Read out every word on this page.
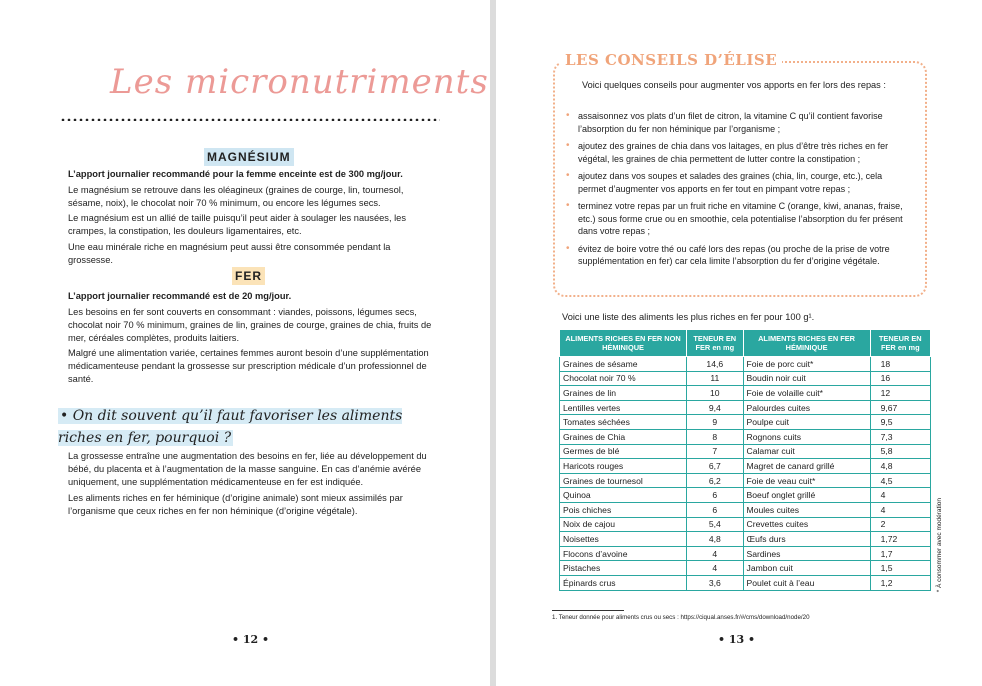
Les micronutriments
MAGNÉSIUM

L’apport journalier recommandé pour la femme enceinte est de 300 mg/jour.

Le magnésium se retrouve dans les oléagineux (graines de courge, lin, tournesol, sésame, noix), le chocolat noir 70 % minimum, ou encore les légumes secs.

Le magnésium est un allié de taille puisqu’il peut aider à soulager les nausées, les crampes, la constipation, les douleurs ligamentaires, etc.

Une eau minérale riche en magnésium peut aussi être consommée pendant la grossesse.

FER

L’apport journalier recommandé est de 20 mg/jour.

Les besoins en fer sont couverts en consommant : viandes, poissons, légumes secs, chocolat noir 70 % minimum, graines de lin, graines de courge, graines de chia, fruits de mer, céréales complètes, produits laitiers.

Malgré une alimentation variée, certaines femmes auront besoin d’une supplémentation médicamenteuse pendant la grossesse sur prescription médicale d’un professionnel de santé.

• On dit souvent qu’il faut favoriser les aliments riches en fer, pourquoi ?

La grossesse entraîne une augmentation des besoins en fer, liée au développement du bébé, du placenta et à l’augmentation de la masse sanguine. En cas d’anémie avérée uniquement, une supplémentation médicamenteuse en fer est indiquée.

Les aliments riches en fer héminique (d’origine animale) sont mieux assimilés par l’organisme que ceux riches en fer non héminique (d’origine végétale).

• 12 •
LES CONSEILS D’ÉLISE
Voici quelques conseils pour augmenter vos apports en fer lors des repas :
• assaisonnez vos plats d’un filet de citron, la vitamine C qu’il contient favorise l’absorption du fer non héminique par l’organisme ;
• ajoutez des graines de chia dans vos laitages, en plus d’être très riches en fer végétal, les graines de chia permettent de lutter contre la constipation ;
• ajoutez dans vos soupes et salades des graines (chia, lin, courge, etc.), cela permet d’augmenter vos apports en fer tout en pimpant votre repas ;
• terminez votre repas par un fruit riche en vitamine C (orange, kiwi, ananas, fraise, etc.) sous forme crue ou en smoothie, cela potentialise l’absorption du fer présent dans votre repas ;
• évitez de boire votre thé ou café lors des repas (ou proche de la prise de votre supplémentation en fer) car cela limite l’absorption du fer d’origine végétale.
Voici une liste des aliments les plus riches en fer pour 100 g¹.
ALIMENTS RICHES EN FER NON HÉMINIQUE	TENEUR EN FER en mg	ALIMENTS RICHES EN FER HÉMINIQUE	TENEUR EN FER en mg
Graines de sésame	14,6	Foie de porc cuit*	18
Chocolat noir 70 %	11	Boudin noir cuit	16
Graines de lin	10	Foie de volaille cuit*	12
Lentilles vertes	9,4	Palourdes cuites	9,67
Tomates séchées	9	Poulpe cuit	9,5
Graines de Chia	8	Rognons cuits	7,3
Germes de blé	7	Calamar cuit	5,8
Haricots rouges	6,7	Magret de canard grillé	4,8
Graines de tournesol	6,2	Foie de veau cuit*	4,5
Quinoa	6	Boeuf onglet grillé	4
Pois chiches	6	Moules cuites	4
Noix de cajou	5,4	Crevettes cuites	2
Noisettes	4,8	Œufs durs	1,72
Flocons d’avoine	4	Sardines	1,7
Pistaches	4	Jambon cuit	1,5
Épinards crus	3,6	Poulet cuit à l’eau	1,2	* À consommer avec modération
1. Teneur donnée pour aliments crus ou secs : https://ciqual.anses.fr/#/cms/download/node/20
• 13 •
